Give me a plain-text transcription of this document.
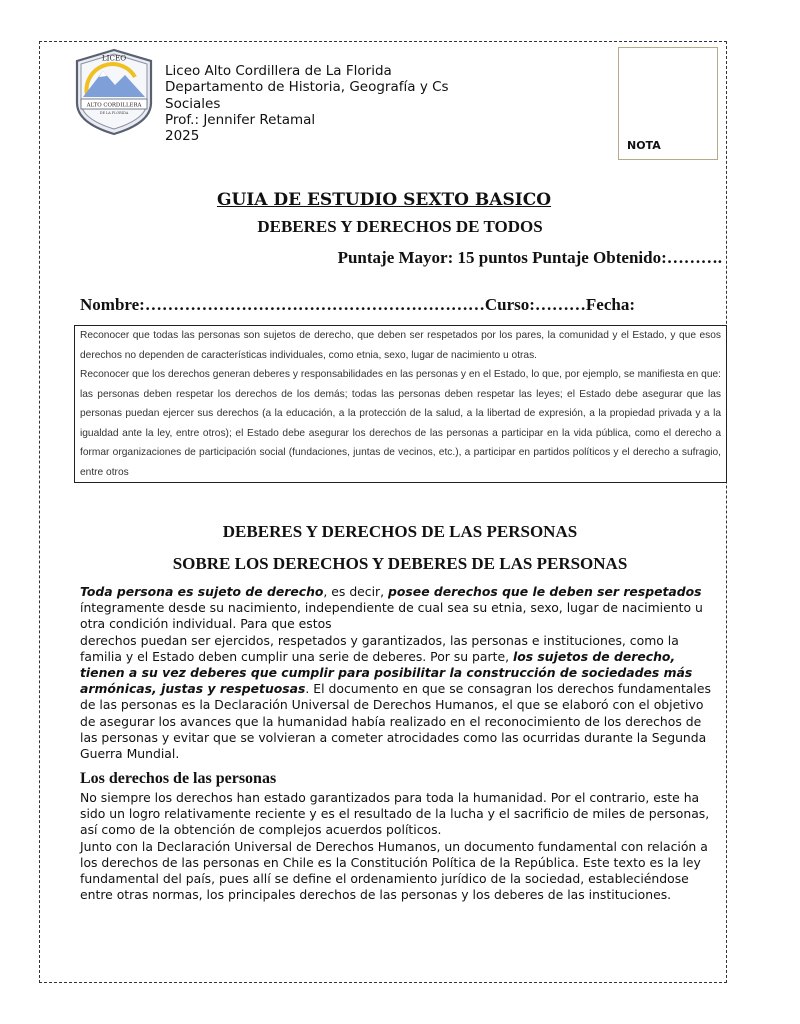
LICEO
ALTO CORDILLERA
DE LA FLORIDA
Liceo Alto Cordillera de La Florida
Departamento de Historia, Geografía y Cs
Sociales
Prof.: Jennifer Retamal
2025
NOTA
GUIA DE ESTUDIO SEXTO BASICO
DEBERES Y DERECHOS DE TODOS
Puntaje Mayor: 15 puntos Puntaje Obtenido:……….
Nombre:……………………………………………………Curso:………Fecha:

Reconocer que todas las personas son sujetos de derecho, que deben ser respetados por los pares, la comunidad y el Estado, y que esos derechos no dependen de características individuales, como etnia, sexo, lugar de nacimiento u otras.

Reconocer que los derechos generan deberes y responsabilidades en las personas y en el Estado, lo que, por ejemplo, se manifiesta en que: las personas deben respetar los derechos de los demás; todas las personas deben respetar las leyes; el Estado debe asegurar que las personas puedan ejercer sus derechos (a la educación, a la protección de la salud, a la libertad de expresión, a la propiedad privada y a la igualdad ante la ley, entre otros); el Estado debe asegurar los derechos de las personas a participar en la vida pública, como el derecho a formar organizaciones de participación social (fundaciones, juntas de vecinos, etc.), a participar en partidos políticos y el derecho a sufragio, entre otros

DEBERES Y DERECHOS DE LAS PERSONAS
SOBRE LOS DERECHOS Y DEBERES DE LAS PERSONAS

Toda persona es sujeto de derecho, es decir, posee derechos que le deben ser respetados íntegramente desde su nacimiento, independiente de cual sea su etnia, sexo, lugar de nacimiento u otra condición individual. Para que estos

derechos puedan ser ejercidos, respetados y garantizados, las personas e instituciones, como la familia y el Estado deben cumplir una serie de deberes. Por su parte, los sujetos de derecho, tienen a su vez deberes que cumplir para posibilitar la construcción de sociedades más armónicas, justas y respetuosas. El documento en que se consagran los derechos fundamentales de las personas es la Declaración Universal de Derechos Humanos, el que se elaboró con el objetivo de asegurar los avances que la humanidad había realizado en el reconocimiento de los derechos de las personas y evitar que se volvieran a cometer atrocidades como las ocurridas durante la Segunda Guerra Mundial.

Los derechos de las personas

No siempre los derechos han estado garantizados para toda la humanidad. Por el contrario, este ha sido un logro relativamente reciente y es el resultado de la lucha y el sacrificio de miles de personas, así como de la obtención de complejos acuerdos políticos.

Junto con la Declaración Universal de Derechos Humanos, un documento fundamental con relación a los derechos de las personas en Chile es la Constitución Política de la República. Este texto es la ley fundamental del país, pues allí se define el ordenamiento jurídico de la sociedad, estableciéndose entre otras normas, los principales derechos de las personas y los deberes de las instituciones.
